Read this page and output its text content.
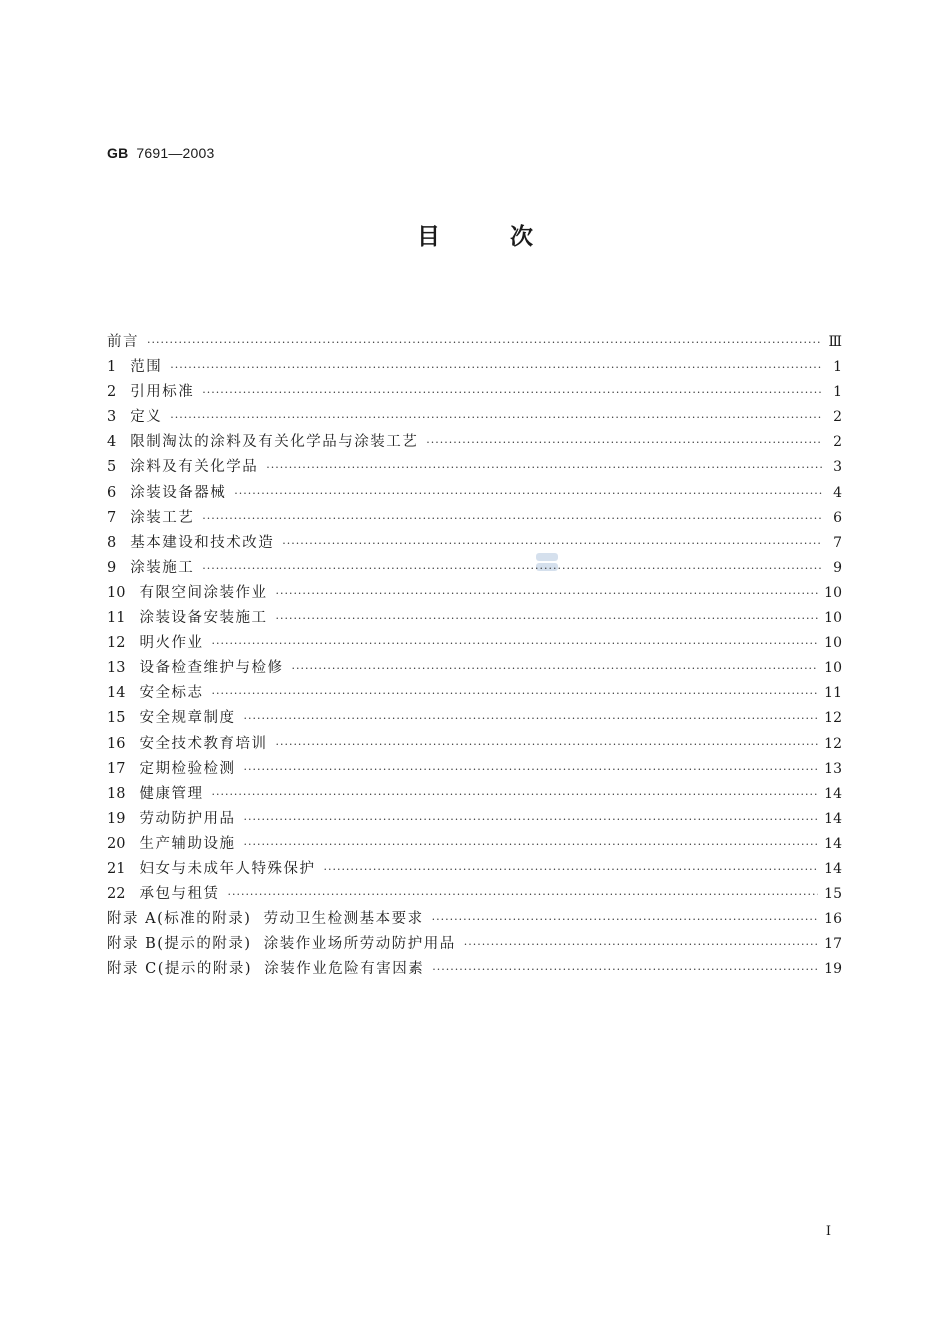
GB 7691—2003
目次
前言 ·····	Ⅲ
1 范围 ·····	1
2 引用标准 ·····	1
3 定义 ·····	2
4 限制淘汰的涂料及有关化学品与涂装工艺 ·····	2
5 涂料及有关化学品 ·····	3
6 涂装设备器械 ·····	4
7 涂装工艺 ·····	6
8 基本建设和技术改造 ·····	7
9 涂装施工 ·····	9
10 有限空间涂装作业 ·····	10
11 涂装设备安装施工 ·····	10
12 明火作业 ·····	10
13 设备检查维护与检修 ·····	10
14 安全标志 ·····	11
15 安全规章制度 ·····	12
16 安全技术教育培训 ·····	12
17 定期检验检测 ·····	13
18 健康管理 ·····	14
19 劳动防护用品 ·····	14
20 生产辅助设施 ·····	14
21 妇女与未成年人特殊保护 ·····	14
22 承包与租赁 ·····	15
附录 A(标准的附录)  劳动卫生检测基本要求 ·····	16
附录 B(提示的附录)  涂装作业场所劳动防护用品 ·····	17
附录 C(提示的附录)  涂装作业危险有害因素 ·····	19
I
